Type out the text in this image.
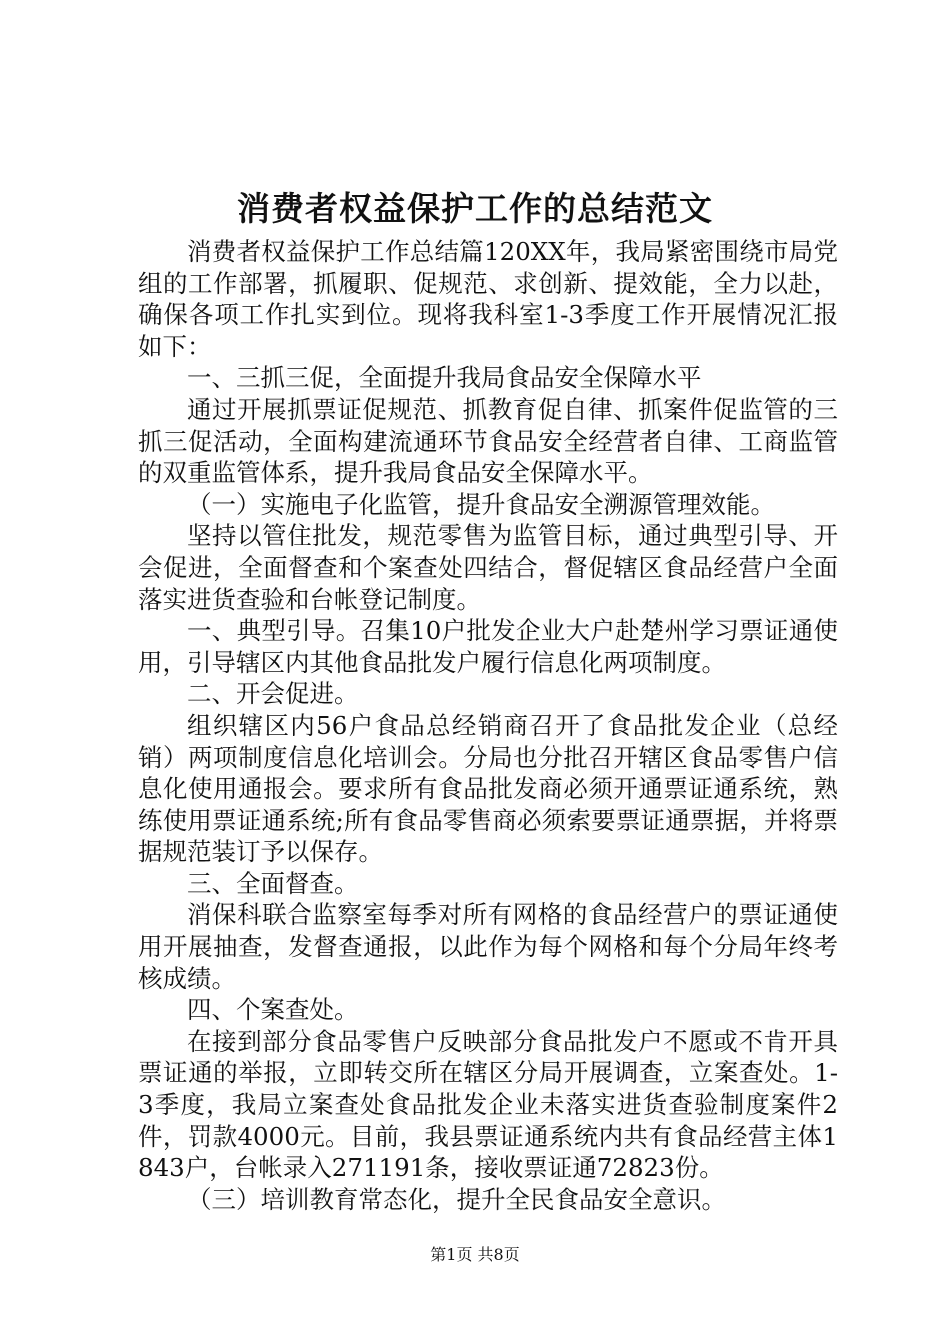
消费者权益保护工作的总结范文

消费者权益保护工作总结篇120XX年，我局紧密围绕市局党组的工作部署，抓履职、促规范、求创新、提效能，全力以赴，确保各项工作扎实到位。现将我科室1-3季度工作开展情况汇报如下：

一、三抓三促，全面提升我局食品安全保障水平

通过开展抓票证促规范、抓教育促自律、抓案件促监管的三抓三促活动，全面构建流通环节食品安全经营者自律、工商监管的双重监管体系，提升我局食品安全保障水平。

（一）实施电子化监管，提升食品安全溯源管理效能。

坚持以管住批发，规范零售为监管目标，通过典型引导、开会促进，全面督查和个案查处四结合，督促辖区食品经营户全面落实进货查验和台帐登记制度。

一、典型引导。召集10户批发企业大户赴楚州学习票证通使用，引导辖区内其他食品批发户履行信息化两项制度。

二、开会促进。

组织辖区内56户食品总经销商召开了食品批发企业（总经销）两项制度信息化培训会。分局也分批召开辖区食品零售户信息化使用通报会。要求所有食品批发商必须开通票证通系统，熟练使用票证通系统;所有食品零售商必须索要票证通票据，并将票据规范装订予以保存。

三、全面督查。

消保科联合监察室每季对所有网格的食品经营户的票证通使用开展抽查，发督查通报，以此作为每个网格和每个分局年终考核成绩。

四、个案查处。

在接到部分食品零售户反映部分食品批发户不愿或不肯开具票证通的举报，立即转交所在辖区分局开展调查，立案查处。1-3季度，我局立案查处食品批发企业未落实进货查验制度案件2件，罚款4000元。目前，我县票证通系统内共有食品经营主体1843户，台帐录入271191条，接收票证通72823份。

（三）培训教育常态化，提升全民食品安全意识。

第1页 共8页
